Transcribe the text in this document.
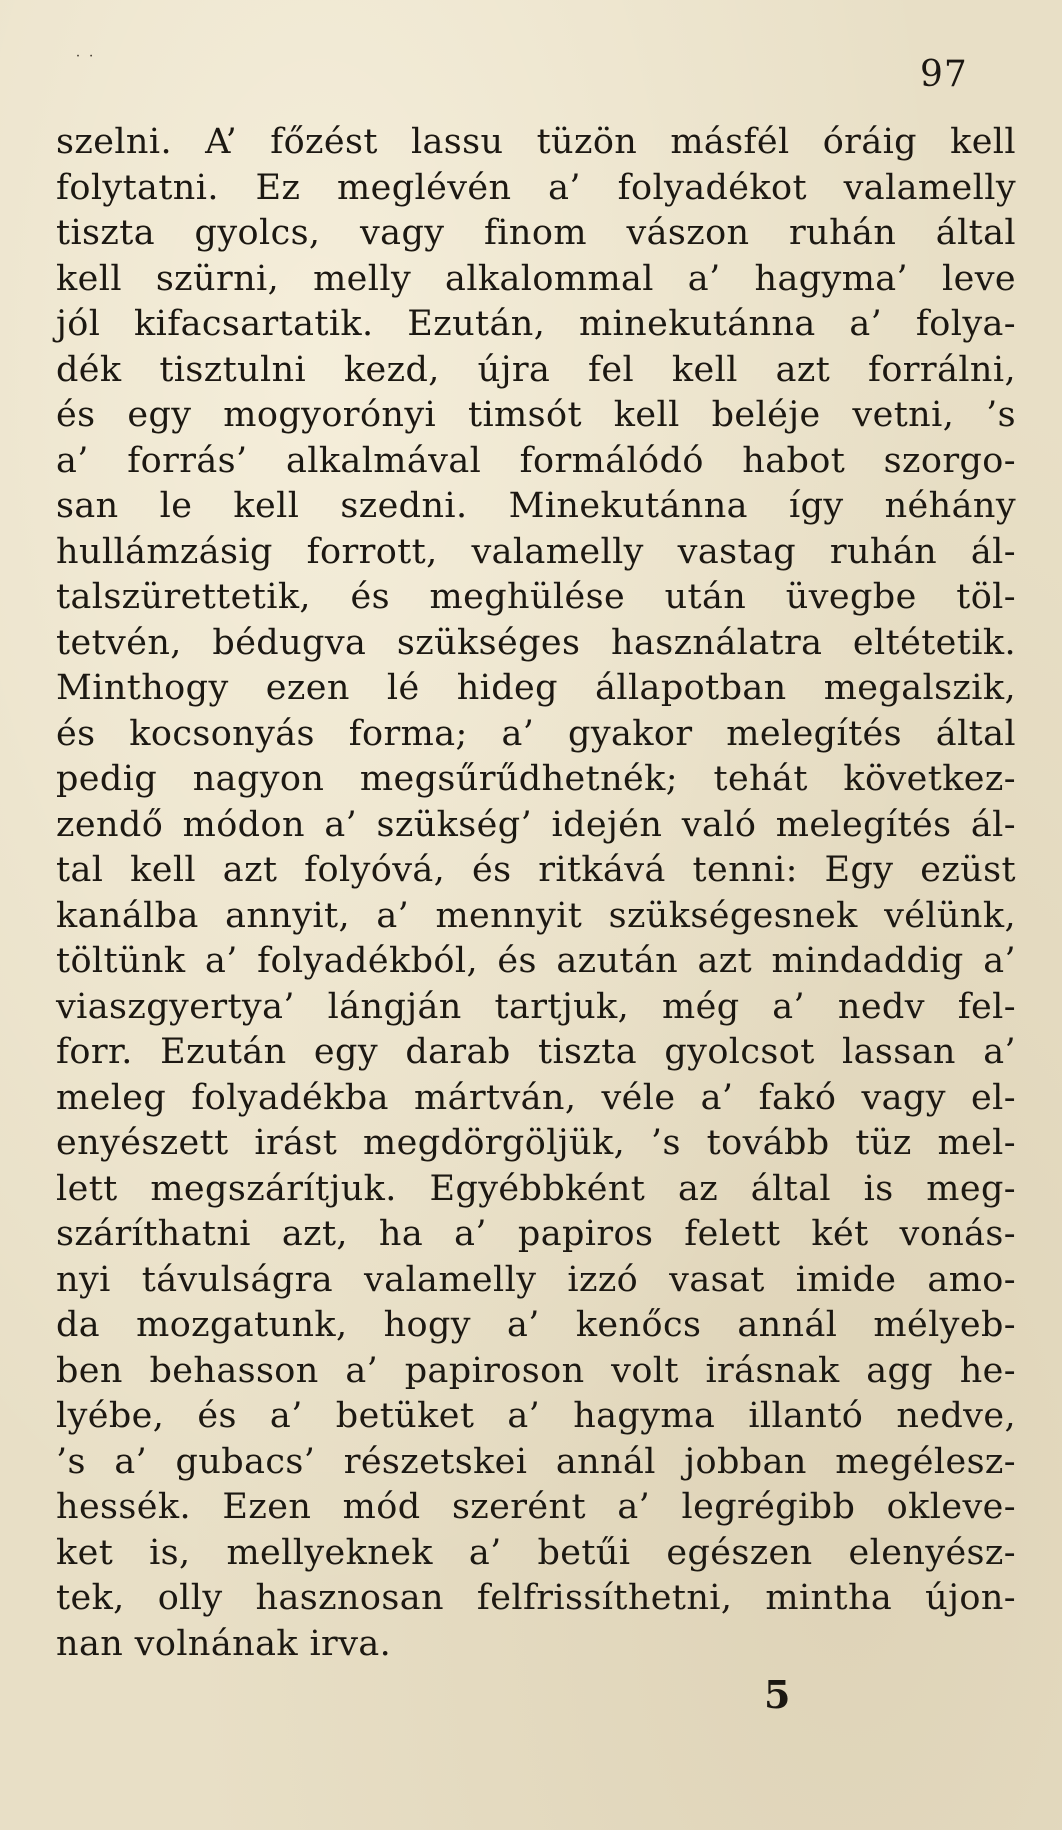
˙ ˙	97
szelni. A’ főzést lassu tüzön másfél óráig kell
folytatni. Ez meglévén a’ folyadékot valamelly
tiszta gyolcs, vagy finom vászon ruhán által
kell szürni, melly alkalommal a’ hagyma’ leve
jól kifacsartatik. Ezután, minekutánna a’ folya-
dék tisztulni kezd, újra fel kell azt forrálni,
és egy mogyorónyi timsót kell beléje vetni, ’s
a’ forrás’ alkalmával formálódó habot szorgo-
san le kell szedni. Minekutánna így néhány
hullámzásig forrott, valamelly vastag ruhán ál-
talszürettetik, és meghülése után üvegbe töl-
tetvén, bédugva szükséges használatra eltétetik.
Minthogy ezen lé hideg állapotban megalszik,
és kocsonyás forma; a’ gyakor melegítés által
pedig nagyon megsűrűdhetnék; tehát következ-
zendő módon a’ szükség’ idején való melegítés ál-
tal kell azt folyóvá, és ritkává tenni: Egy ezüst
kanálba annyit, a’ mennyit szükségesnek vélünk,
töltünk a’ folyadékból, és azután azt mindaddig a’
viaszgyertya’ lángján tartjuk, még a’ nedv fel-
forr. Ezután egy darab tiszta gyolcsot lassan a’
meleg folyadékba mártván, véle a’ fakó vagy el-
enyészett irást megdörgöljük, ’s tovább tüz mel-
lett megszárítjuk. Egyébbként az által is meg-
száríthatni azt, ha a’ papiros felett két vonás-
nyi távulságra valamelly izzó vasat imide amo-
da mozgatunk, hogy a’ kenőcs annál mélyeb-
ben behasson a’ papiroson volt irásnak agg he-
lyébe, és a’ betüket a’ hagyma illantó nedve,
’s a’ gubacs’ részetskei annál jobban megélesz-
hessék. Ezen mód szerént a’ legrégibb okleve-
ket is, mellyeknek a’ betűi egészen elenyész-
tek, olly hasznosan felfrissíthetni, mintha újon-
nan volnának irva.
5
